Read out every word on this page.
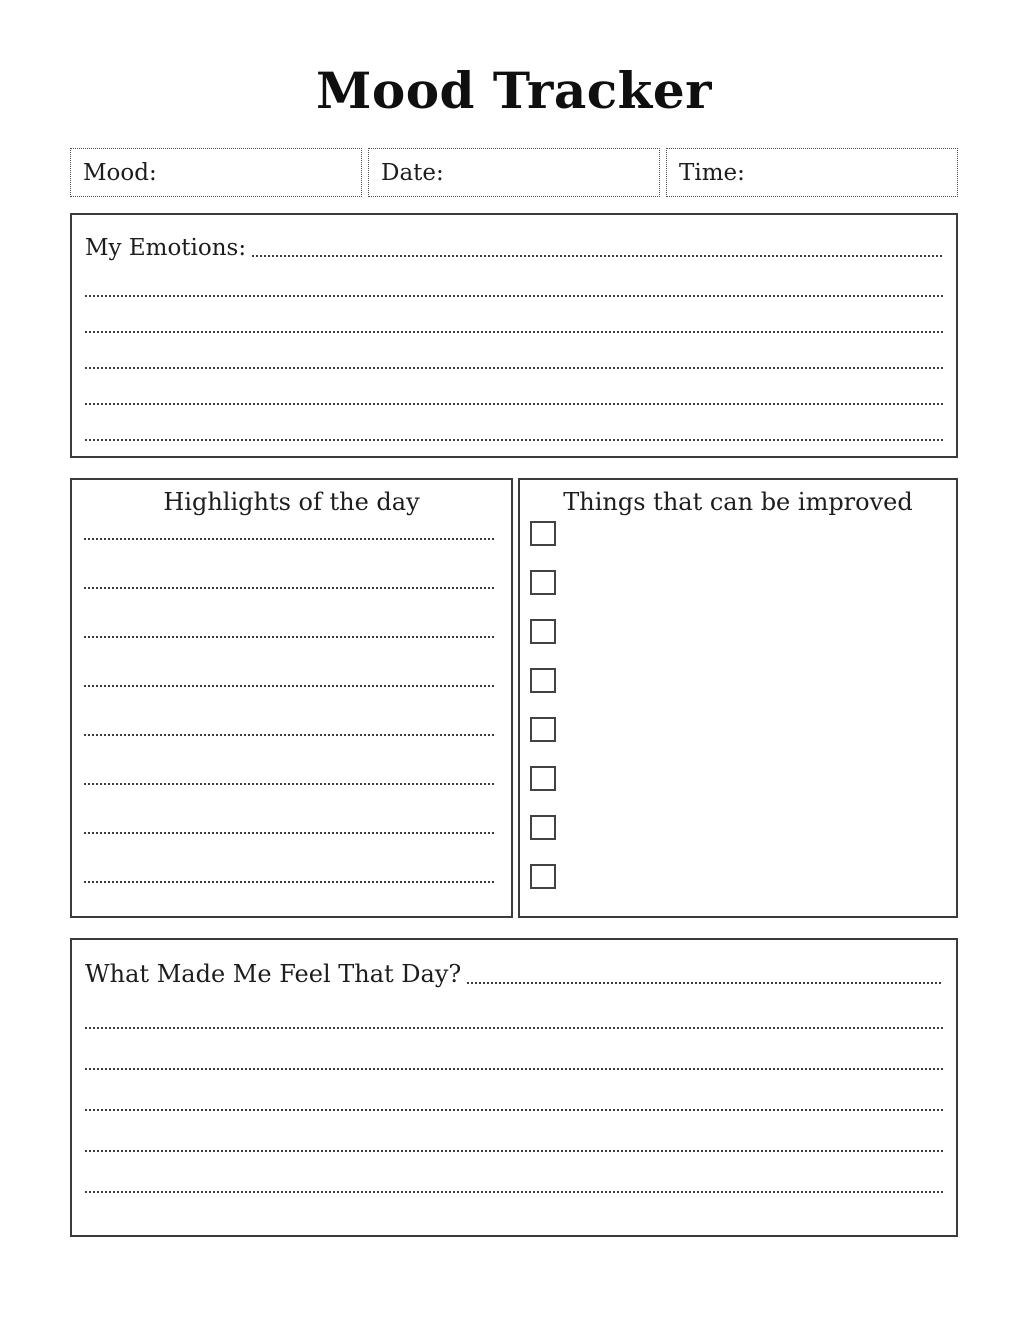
Mood Tracker
Mood:	Date:	Time:
My Emotions:
Highlights of the day	Things that can be improved
What Made Me Feel That Day?
